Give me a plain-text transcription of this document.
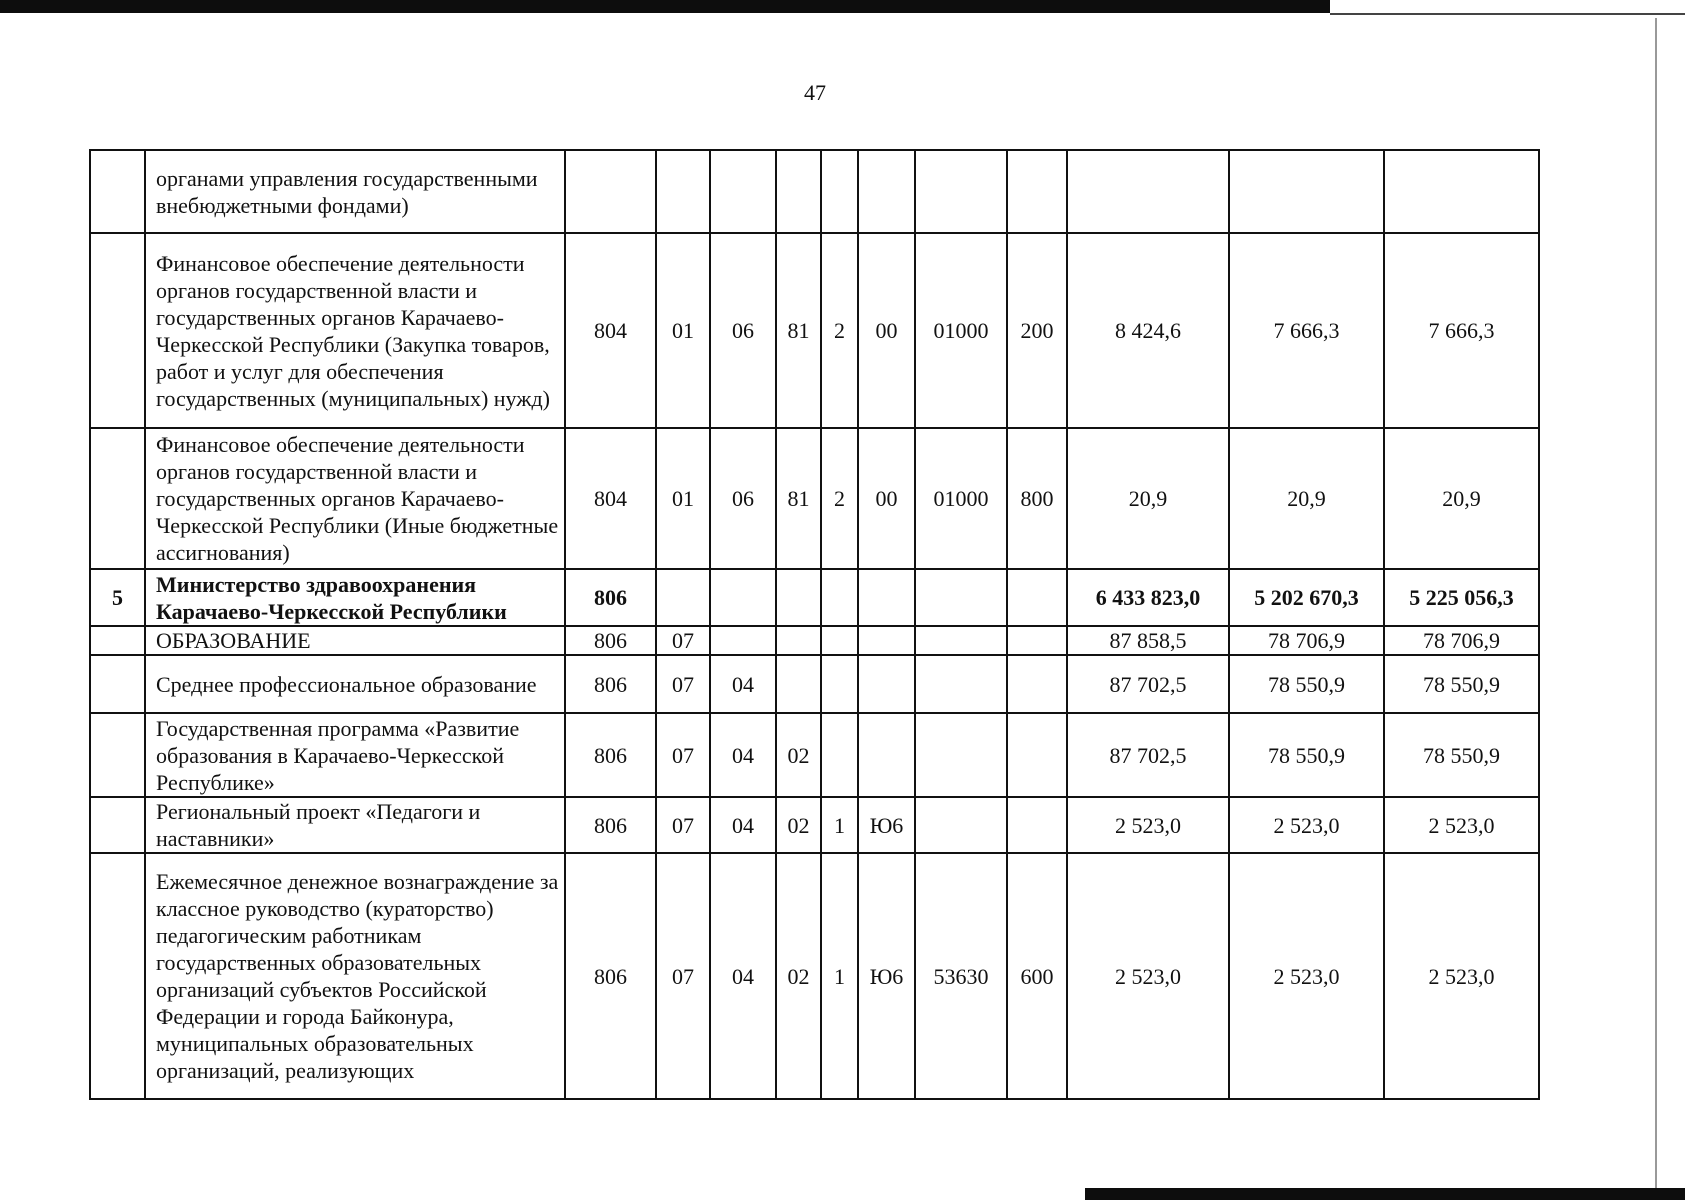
47
	органами управления государственными внебюджетными фондами)											
	Финансовое обеспечение деятельности органов государственной власти и государственных органов Карачаево-Черкесской Республики (Закупка товаров, работ и услуг для обеспечения государственных (муниципальных) нужд)	804	01	06	81	2	00	01000	200	8 424,6	7 666,3	7 666,3
	Финансовое обеспечение деятельности органов государственной власти и государственных органов Карачаево-Черкесской Республики (Иные бюджетные ассигнования)	804	01	06	81	2	00	01000	800	20,9	20,9	20,9
5	Министерство здравоохранения Карачаево-Черкесской Республики	806								6 433 823,0	5 202 670,3	5 225 056,3
	ОБРАЗОВАНИЕ	806	07							87 858,5	78 706,9	78 706,9
	Среднее профессиональное образование	806	07	04						87 702,5	78 550,9	78 550,9
	Государственная программа «Развитие образования в Карачаево-Черкесской Республике»	806	07	04	02					87 702,5	78 550,9	78 550,9
	Региональный проект «Педагоги и наставники»	806	07	04	02	1	Ю6			2 523,0	2 523,0	2 523,0
	Ежемесячное денежное вознаграждение за классное руководство (кураторство) педагогическим работникам государственных образовательных организаций субъектов Российской Федерации и города Байконура, муниципальных образовательных организаций, реализующих	806	07	04	02	1	Ю6	53630	600	2 523,0	2 523,0	2 523,0
